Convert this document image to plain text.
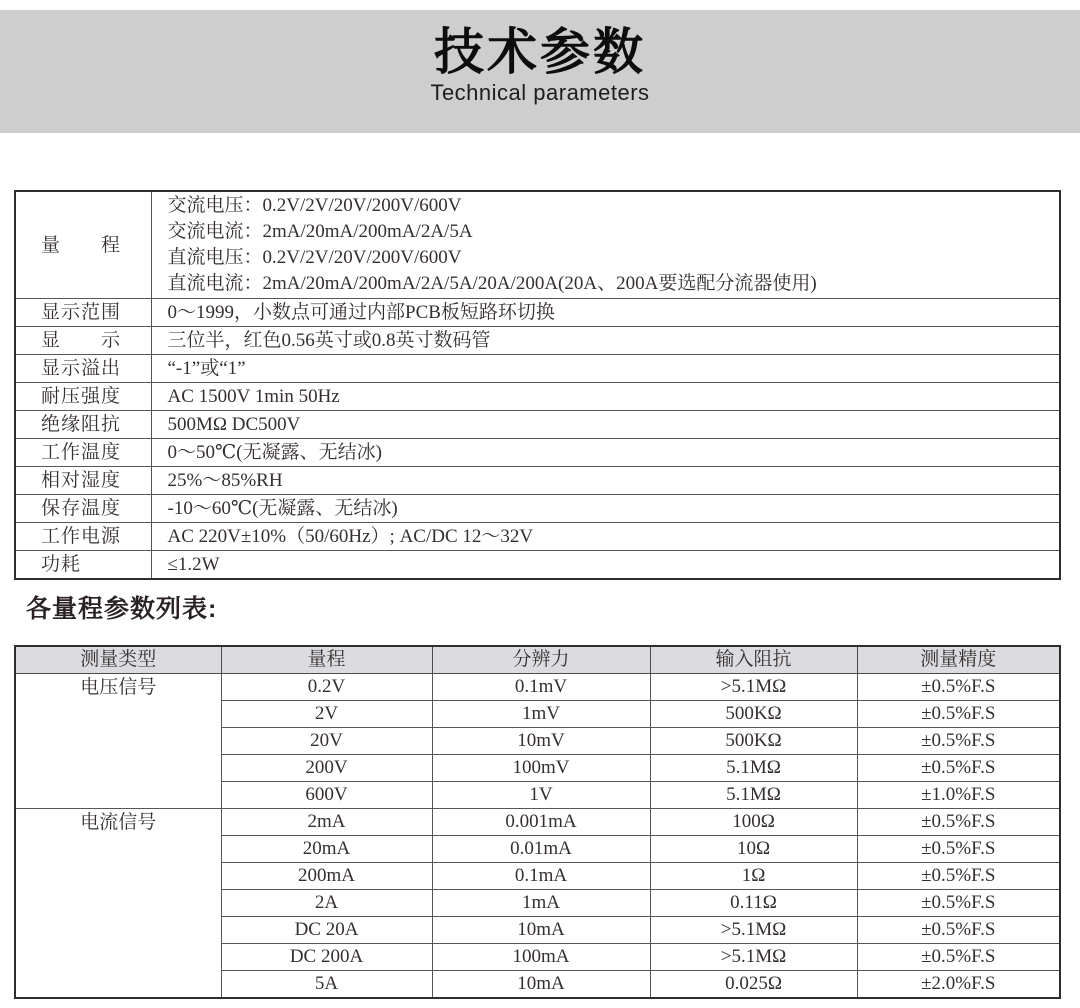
技术参数
Technical parameters
量　　程	交流电压：0.2V/2V/20V/200V/600V
交流电流：2mA/20mA/200mA/2A/5A
直流电压：0.2V/2V/20V/200V/600V
直流电流：2mA/20mA/200mA/2A/5A/20A/200A(20A、200A要选配分流器使用)

显示范围	0～1999，小数点可通过内部PCB板短路环切换
显　　示	三位半，红色0.56英寸或0.8英寸数码管
显示溢出	“-1”或“1”
耐压强度	AC 1500V 1min 50Hz
绝缘阻抗	500MΩ DC500V
工作温度	0～50℃(无凝露、无结冰)
相对湿度	25%～85%RH
保存温度	-10～60℃(无凝露、无结冰)
工作电源	AC 220V±10%（50/60Hz）; AC/DC 12～32V
功耗	≤1.2W
各量程参数列表:
测量类型	量程	分辨力	输入阻抗	测量精度
电压信号	0.2V	0.1mV	>5.1MΩ	±0.5%F.S
	2V	1mV	500KΩ	±0.5%F.S
	20V	10mV	500KΩ	±0.5%F.S
	200V	100mV	5.1MΩ	±0.5%F.S
	600V	1V	5.1MΩ	±1.0%F.S
电流信号	2mA	0.001mA	100Ω	±0.5%F.S
	20mA	0.01mA	10Ω	±0.5%F.S
	200mA	0.1mA	1Ω	±0.5%F.S
	2A	1mA	0.11Ω	±0.5%F.S
	DC 20A	10mA	>5.1MΩ	±0.5%F.S
	DC 200A	100mA	>5.1MΩ	±0.5%F.S
	5A	10mA	0.025Ω	±2.0%F.S
